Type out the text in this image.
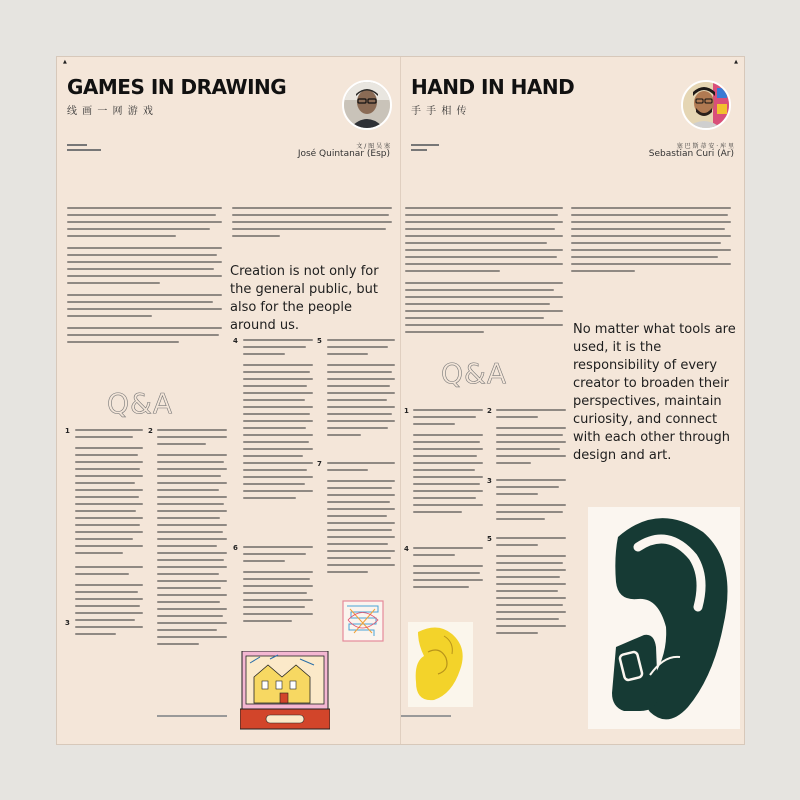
▲
GAMES IN DRAWING
线 画 一 网 游 戏
文 / 图 吴 塞
José Quintanar (Esp)
Creation is not only for the general public, but also for the people around us.
Q&A
1
3
2
4
6
5
7
▲
HAND IN HAND
手 手 相 传
塞 巴 斯 蒂 安 · 库 里
Sebastian Curi (Ar)
No matter what tools are used, it is the responsibility of every creator to broaden their perspectives, maintain curiosity, and connect with each other through design and art.
Q&A
1
4
2
3
5
